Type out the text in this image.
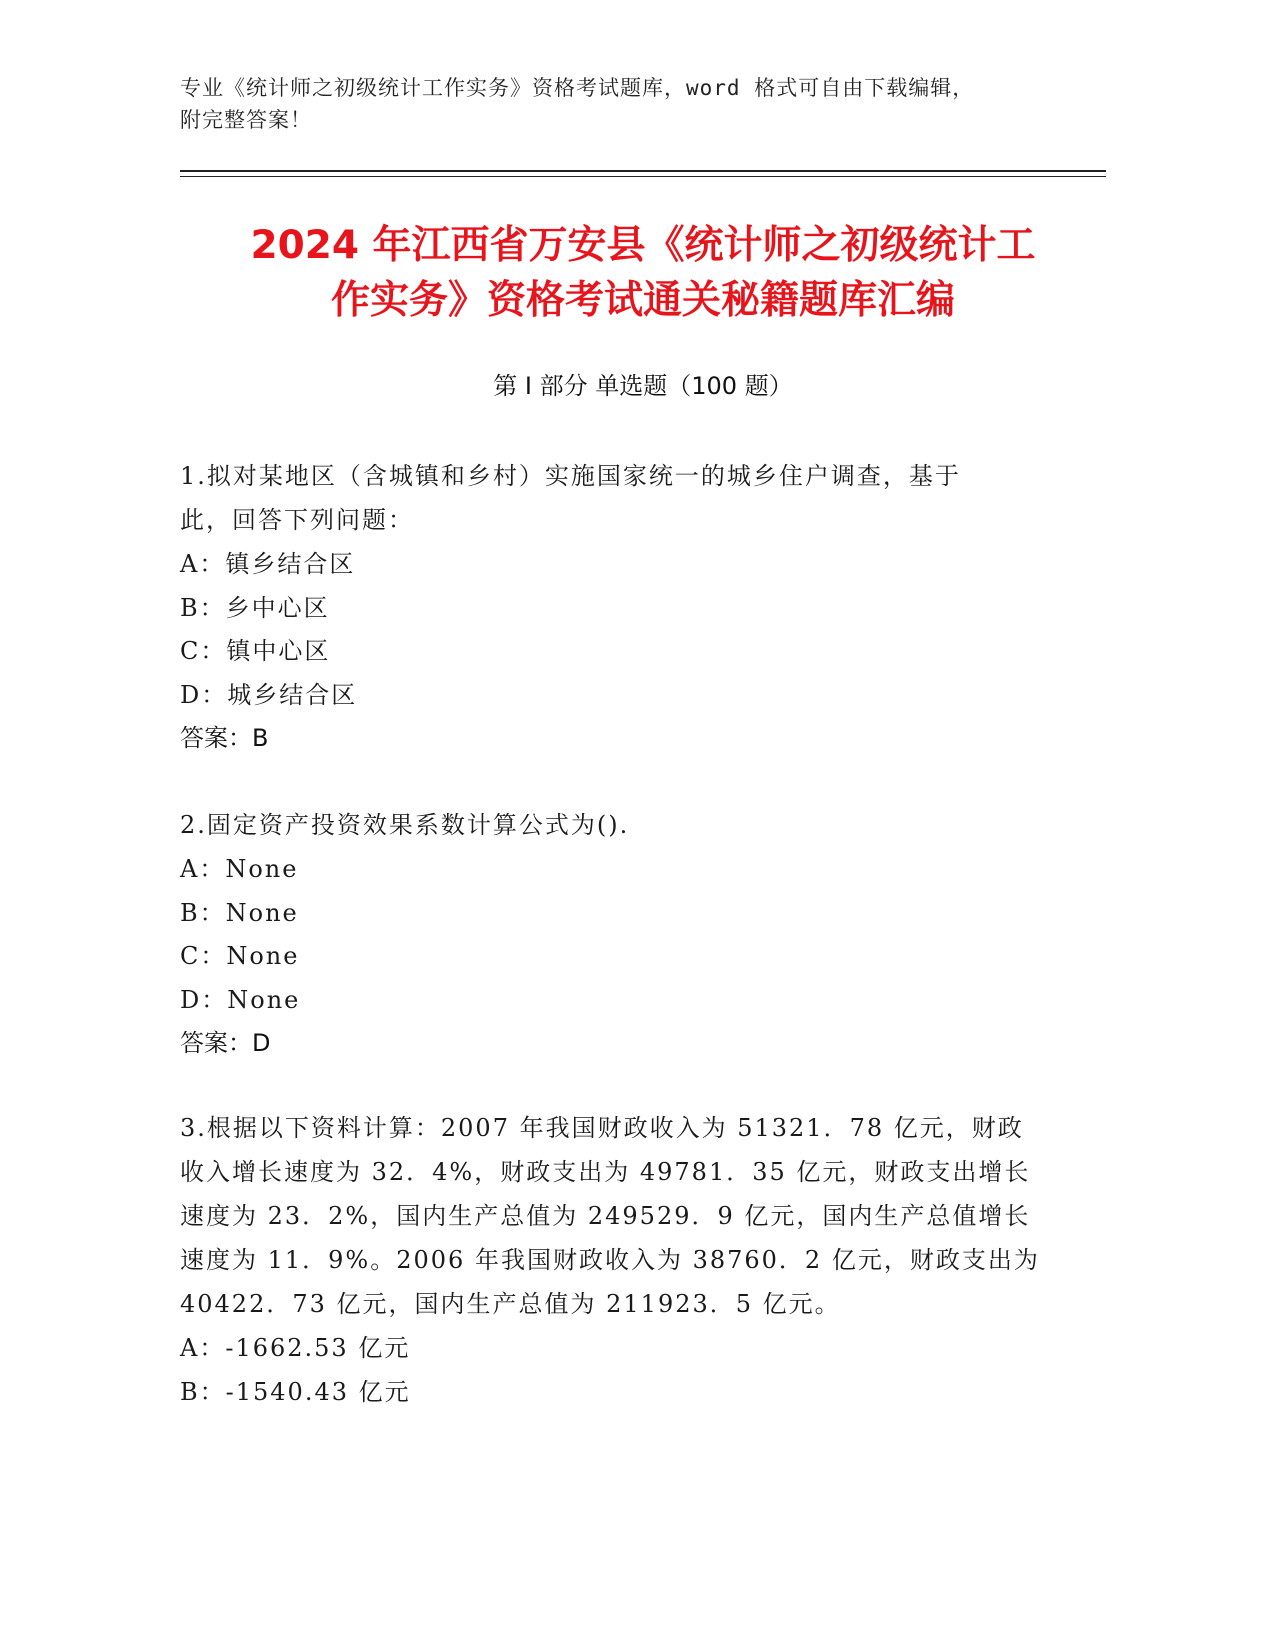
专业《统计师之初级统计工作实务》资格考试题库，word 格式可自由下载编辑，
附完整答案！
2024 年江西省万安县《统计师之初级统计工
作实务》资格考试通关秘籍题库汇编
第 I 部分 单选题（100 题）

1.拟对某地区（含城镇和乡村）实施国家统一的城乡住户调查，基于

此，回答下列问题：

A：镇乡结合区

B：乡中心区

C：镇中心区

D：城乡结合区

答案：B

2.固定资产投资效果系数计算公式为().

A：None

B：None

C：None

D：None

答案：D

3.根据以下资料计算：2007 年我国财政收入为 51321．78 亿元，财政

收入增长速度为 32．4%，财政支出为 49781．35 亿元，财政支出增长

速度为 23．2%，国内生产总值为 249529．9 亿元，国内生产总值增长

速度为 11．9%。2006 年我国财政收入为 38760．2 亿元，财政支出为

40422．73 亿元，国内生产总值为 211923．5 亿元。

A：-1662.53 亿元

B：-1540.43 亿元
